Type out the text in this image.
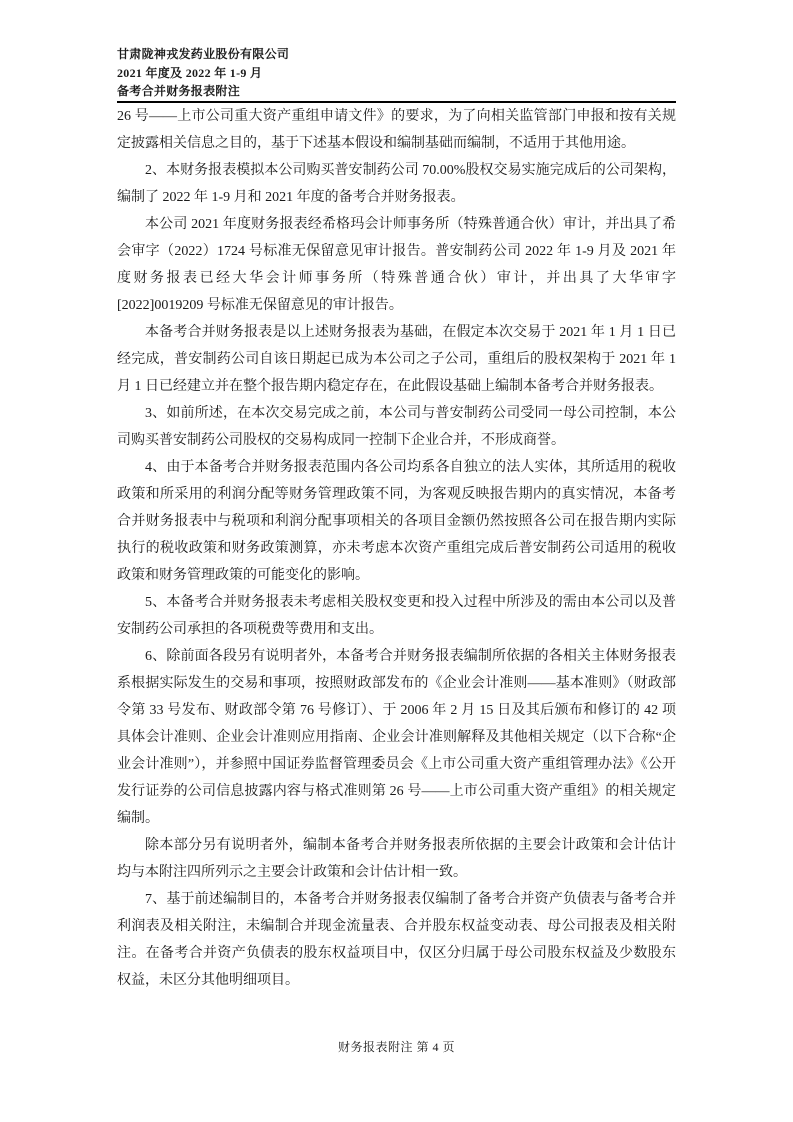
甘肃陇神戎发药业股份有限公司
2021 年度及 2022 年 1-9 月
备考合并财务报表附注

26 号——上市公司重大资产重组申请文件》的要求，为了向相关监管部门申报和按有关规定披露相关信息之目的，基于下述基本假设和编制基础而编制，不适用于其他用途。

2、本财务报表模拟本公司购买普安制药公司 70.00%股权交易实施完成后的公司架构，编制了 2022 年 1-9 月和 2021 年度的备考合并财务报表。

本公司 2021 年度财务报表经希格玛会计师事务所（特殊普通合伙）审计，并出具了希会审字（2022）1724 号标准无保留意见审计报告。普安制药公司 2022 年 1-9 月及 2021 年度财务报表已经大华会计师事务所（特殊普通合伙）审计，并出具了大华审字[2022]0019209 号标准无保留意见的审计报告。

本备考合并财务报表是以上述财务报表为基础，在假定本次交易于 2021 年 1 月 1 日已经完成，普安制药公司自该日期起已成为本公司之子公司，重组后的股权架构于 2021 年 1 月 1 日已经建立并在整个报告期内稳定存在，在此假设基础上编制本备考合并财务报表。

3、如前所述，在本次交易完成之前，本公司与普安制药公司受同一母公司控制，本公司购买普安制药公司股权的交易构成同一控制下企业合并，不形成商誉。

4、由于本备考合并财务报表范围内各公司均系各自独立的法人实体，其所适用的税收政策和所采用的利润分配等财务管理政策不同，为客观反映报告期内的真实情况，本备考合并财务报表中与税项和利润分配事项相关的各项目金额仍然按照各公司在报告期内实际执行的税收政策和财务政策测算，亦未考虑本次资产重组完成后普安制药公司适用的税收政策和财务管理政策的可能变化的影响。

5、本备考合并财务报表未考虑相关股权变更和投入过程中所涉及的需由本公司以及普安制药公司承担的各项税费等费用和支出。

6、除前面各段另有说明者外，本备考合并财务报表编制所依据的各相关主体财务报表系根据实际发生的交易和事项，按照财政部发布的《企业会计准则——基本准则》（财政部令第 33 号发布、财政部令第 76 号修订）、于 2006 年 2 月 15 日及其后颁布和修订的 42 项具体会计准则、企业会计准则应用指南、企业会计准则解释及其他相关规定（以下合称“企业会计准则”），并参照中国证券监督管理委员会《上市公司重大资产重组管理办法》《公开发行证券的公司信息披露内容与格式准则第 26 号——上市公司重大资产重组》的相关规定编制。

除本部分另有说明者外，编制本备考合并财务报表所依据的主要会计政策和会计估计均与本附注四所列示之主要会计政策和会计估计相一致。

7、基于前述编制目的，本备考合并财务报表仅编制了备考合并资产负债表与备考合并利润表及相关附注，未编制合并现金流量表、合并股东权益变动表、母公司报表及相关附注。在备考合并资产负债表的股东权益项目中，仅区分归属于母公司股东权益及少数股东权益，未区分其他明细项目。

财务报表附注 第 4 页
